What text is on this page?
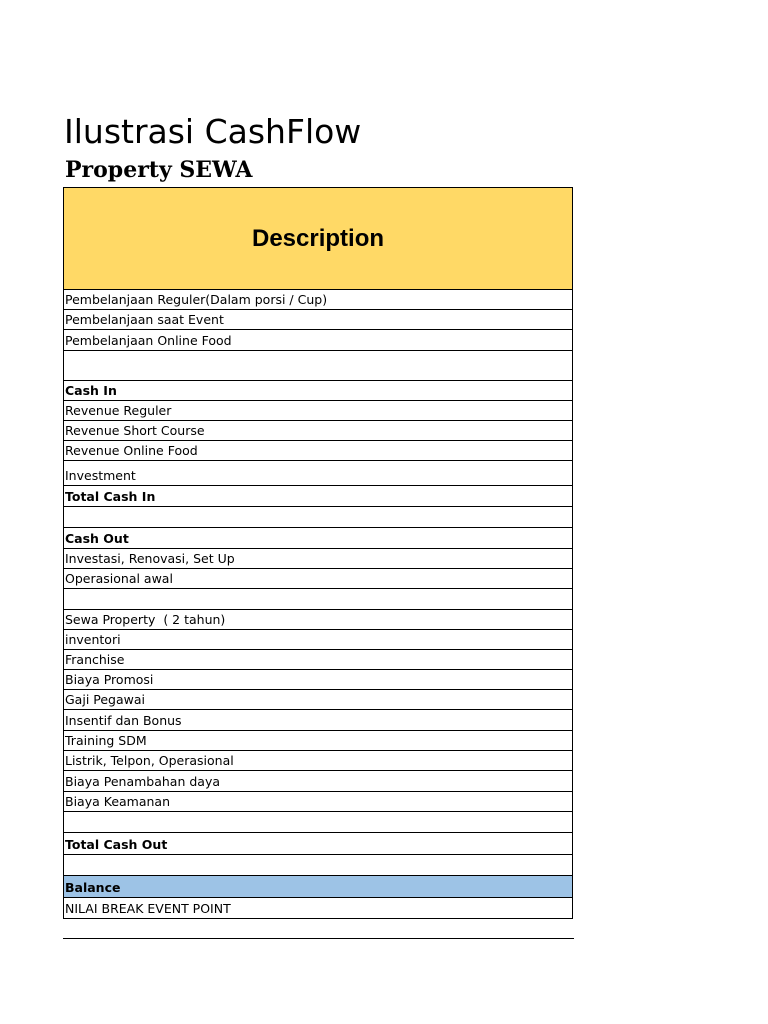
Ilustrasi CashFlow
Property SEWA
Description
Pembelanjaan Reguler(Dalam porsi / Cup)
Pembelanjaan saat Event
Pembelanjaan Online Food
Cash In
Revenue Reguler
Revenue Short Course
Revenue Online Food
Investment
Total Cash In
Cash Out
Investasi, Renovasi, Set Up
Operasional awal
Sewa Property  ( 2 tahun)
inventori
Franchise
Biaya Promosi
Gaji Pegawai
Insentif dan Bonus
Training SDM
Listrik, Telpon, Operasional
Biaya Penambahan daya
Biaya Keamanan
Total Cash Out
Balance
NILAI BREAK EVENT POINT
